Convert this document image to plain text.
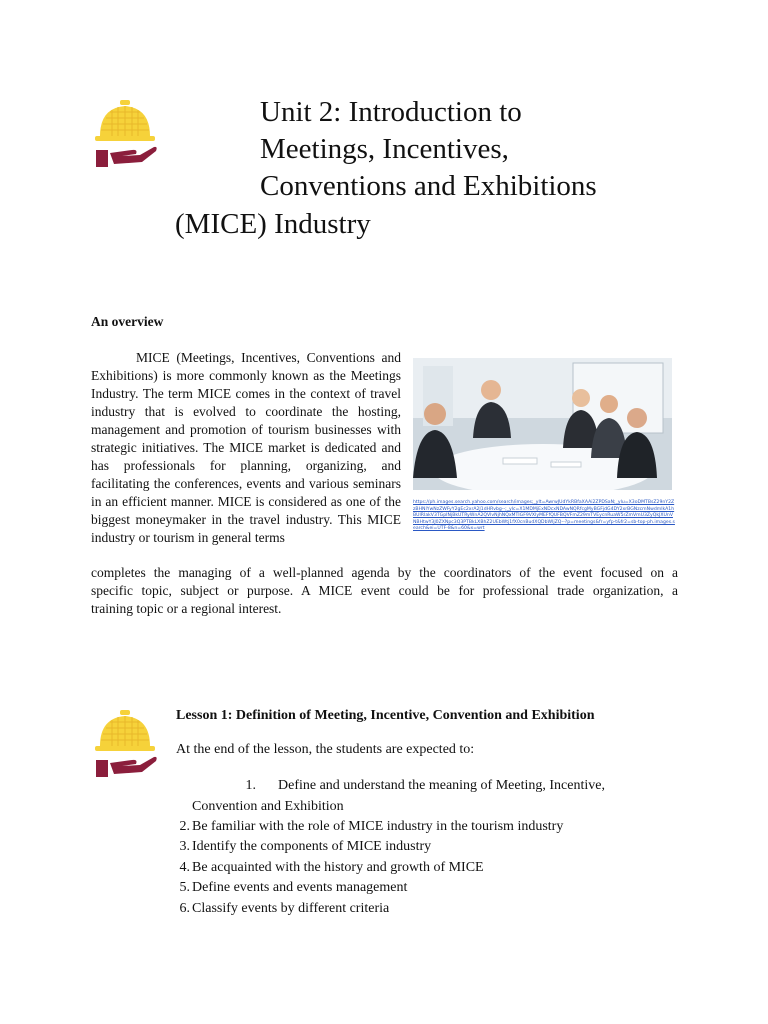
Unit 2: Introduction to
Meetings, Incentives,
Conventions and Exhibitions
(MICE) Industry
An overview

MICE (Meetings, Incentives, Conventions and Exhibitions) is more commonly known as the Meetings Industry. The term MICE comes in the context of travel industry that is evolved to coordinate the hosting, management and promotion of tourism businesses with strategic initiatives. The MICE market is dedicated and has professionals for planning, organizing, and facilitating the conferences, events and various seminars in an efficient manner. MICE is considered as one of the biggest moneymaker in the travel industry. This MICE industry or tourism in general terms

https://ph.images.search.yahoo.com/search/images;_ylt=AwrwJUdYkRBfaXAAi2ZPDSaN;_ylu=X3oDMTBsZ29nY2ZzBHNlYwNzZWFyY2gEc2xrA2J1dHRvbg--;_ylc=X1MDMjExNDcxNDAwNQRfcgMyBGFjdG4DY2xrBGNzcmNwdmlkA1hBUlRIakV3TGpINjBkUTRyWnA2QVlvNjhNQxMTIGF9VXlyMEFfQUFBQVFmZ29mTVEycnRuaW5rZmVmU3ZyQkJXUnVNBHtwY3J0ZXNpc3Q3PTBkLXBhZ2UEbWtj1fX0cnBudXQDbWljZQ--?p=meetings&fr=yfp-t&fr2=sb-top-ph.images.search&ei=UTF-8&n=60&x=wrt

completes the managing of a well-planned agenda by the coordinators of the event focused on a

specific topic, subject or purpose. A MICE event could be for professional trade organization, a

training topic or a regional interest.

Lesson 1: Definition of Meeting, Incentive, Convention and Exhibition
At the end of the lesson, the students are expected to:
1. Define and understand the meaning of Meeting, Incentive,
Convention and Exhibition
2. Be familiar with the role of MICE industry in the tourism industry
3. Identify the components of MICE industry
4. Be acquainted with the history and growth of MICE
5. Define events and events management
6. Classify events by different criteria
